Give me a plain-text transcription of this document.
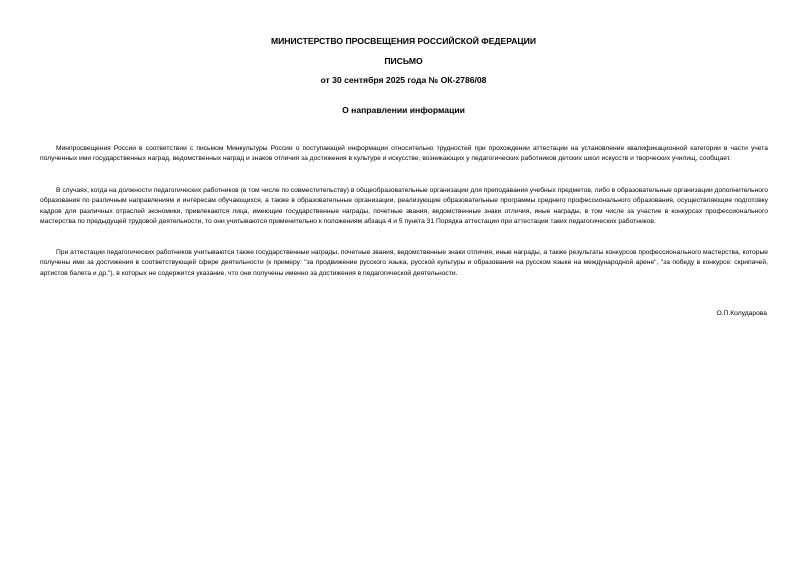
МИНИСТЕРСТВО ПРОСВЕЩЕНИЯ РОССИЙСКОЙ ФЕДЕРАЦИИ
ПИСЬМО
от 30 сентября 2025 года № ОК-2786/08
О направлении информации

Минпросвещения России в соответствии с письмом Минкультуры России о поступающей информации относительно трудностей при прохождении аттестации на установление квалификационной категории в части учета полученных ими государственных наград, ведомственных наград и знаков отличия за достижения в культуре и искусстве, возникающих у педагогических работников детских школ искусств и творческих училищ, сообщает.

В случаях, когда на должности педагогических работников (в том числе по совместительству) в общеобразовательные организации для преподавания учебных предметов, либо в образовательные организации дополнительного образования по различным направлениям и интересам обучающихся, а также в образовательные организации, реализующие образовательные программы среднего профессионального образования, осуществляющие подготовку кадров для различных отраслей экономики, привлекаются лица, имеющие государственные награды, почетные звания, ведомственные знаки отличия, иные награды, в том числе за участие в конкурсах профессионального мастерства по предыдущей трудовой деятельности, то они учитываются применительно к положениям абзаца 4 и 5 пункта 31 Порядка аттестации при аттестации таких педагогических работников.

При аттестации педагогических работников учитываются также государственные награды, почетные звания, ведомственные знаки отличия, иные награды, а также результаты конкурсов профессионального мастерства, которые получены ими за достижения в соответствующей сфере деятельности (к примеру: "за продвижение русского языка, русской культуры и образования на русском языке на международной арене", "за победу в конкурсе: скрипачей, артистов балета и др."), в которых не содержится указание, что они получены именно за достижения в педагогической деятельности.

О.П.Колударова
